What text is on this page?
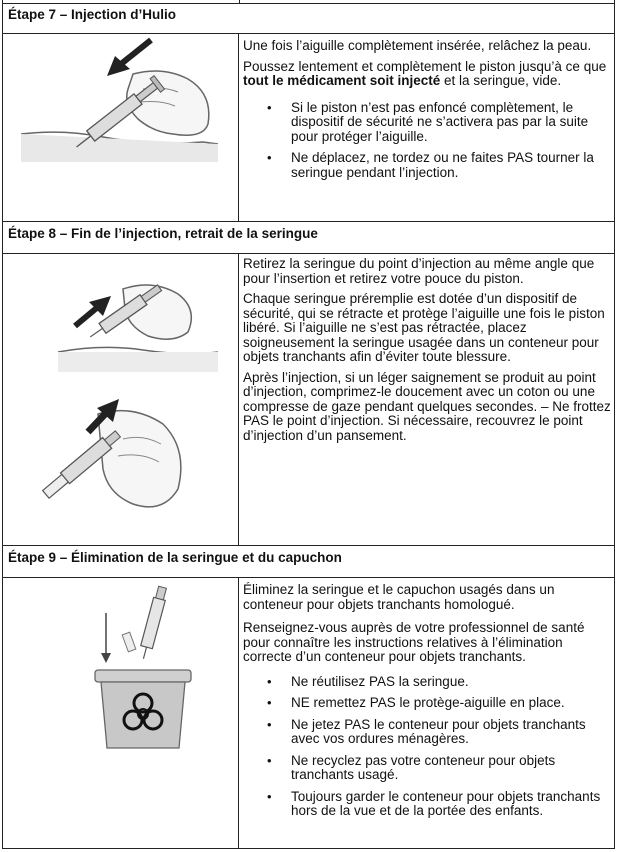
Étape 7 – Injection d’Hulio

Une fois l’aiguille complètement insérée, relâchez la peau.

Poussez lentement et complètement le piston jusqu’à ce que tout le médicament soit injecté et la seringue, vide.

• Si le piston n’est pas enfoncé complètement, le dispositif de sécurité ne s’activera pas par la suite pour protéger l’aiguille.
• Ne déplacez, ne tordez ou ne faites PAS tourner la seringue pendant l’injection.
Étape 8 – Fin de l’injection, retrait de la seringue

Retirez la seringue du point d’injection au même angle que pour l’insertion et retirez votre pouce du piston.

Chaque seringue préremplie est dotée d’un dispositif de sécurité, qui se rétracte et protège l’aiguille une fois le piston libéré. Si l’aiguille ne s’est pas rétractée, placez soigneusement la seringue usagée dans un conteneur pour objets tranchants afin d’éviter toute blessure.

Après l’injection, si un léger saignement se produit au point d’injection, comprimez-le doucement avec un coton ou une compresse de gaze pendant quelques secondes. – Ne frottez PAS le point d’injection. Si nécessaire, recouvrez le point d’injection d’un pansement.

Étape 9 – Élimination de la seringue et du capuchon

Éliminez la seringue et le capuchon usagés dans un conteneur pour objets tranchants homologué.

Renseignez-vous auprès de votre professionnel de santé pour connaître les instructions relatives à l’élimination correcte d’un conteneur pour objets tranchants.

• Ne réutilisez PAS la seringue.
• NE remettez PAS le protège-aiguille en place.
• Ne jetez PAS le conteneur pour objets tranchants avec vos ordures ménagères.
• Ne recyclez pas votre conteneur pour objets tranchants usagé.
• Toujours garder le conteneur pour objets tranchants hors de la vue et de la portée des enfants.
